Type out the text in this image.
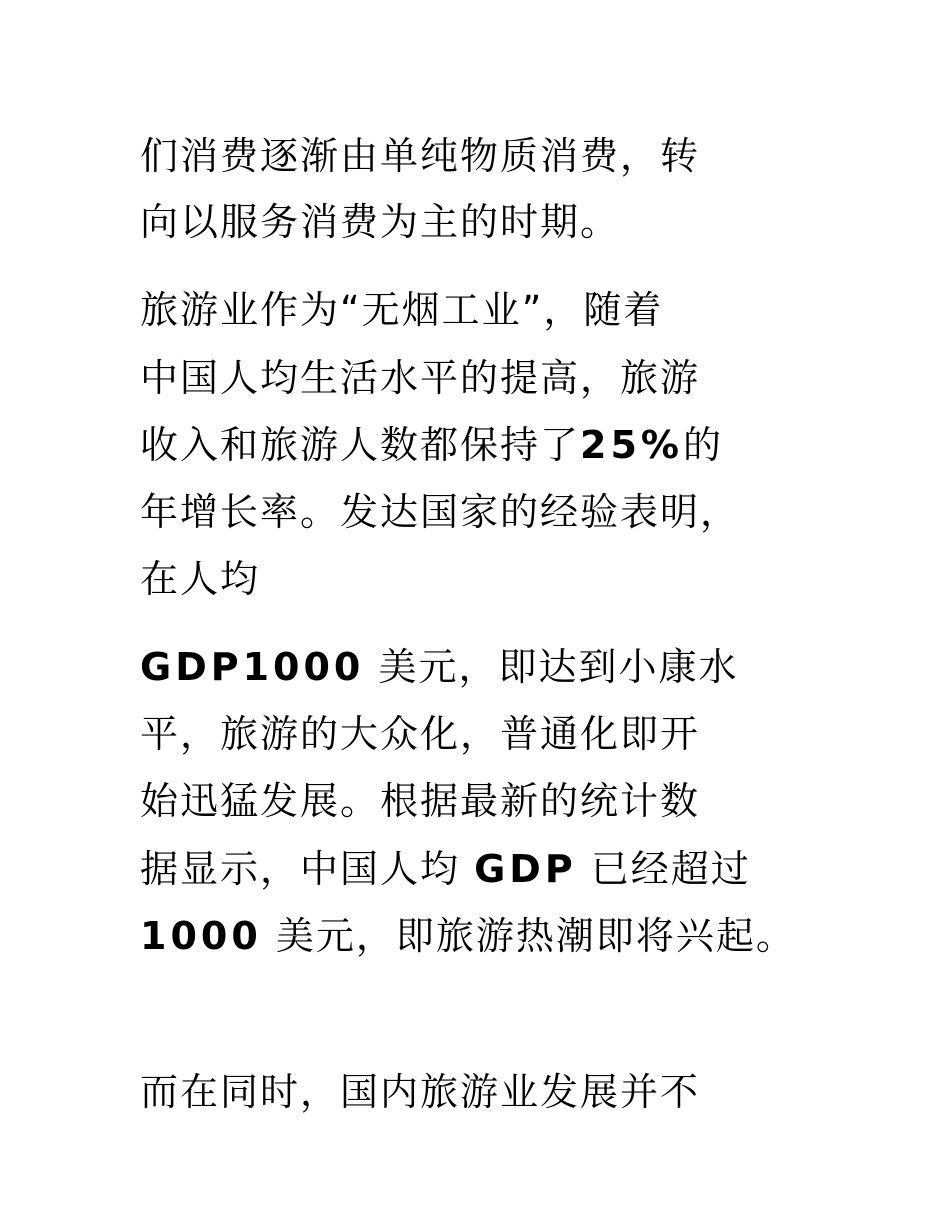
们消费逐渐由单纯物质消费，转
向以服务消费为主的时期。
旅游业作为“无烟工业”，随着
中国人均生活水平的提高，旅游
收入和旅游人数都保持了25%的
年增长率。发达国家的经验表明，
在人均
GDP1000 美元，即达到小康水
平，旅游的大众化，普通化即开
始迅猛发展。根据最新的统计数
据显示，中国人均 GDP 已经超过
1000 美元，即旅游热潮即将兴起。
而在同时，国内旅游业发展并不
